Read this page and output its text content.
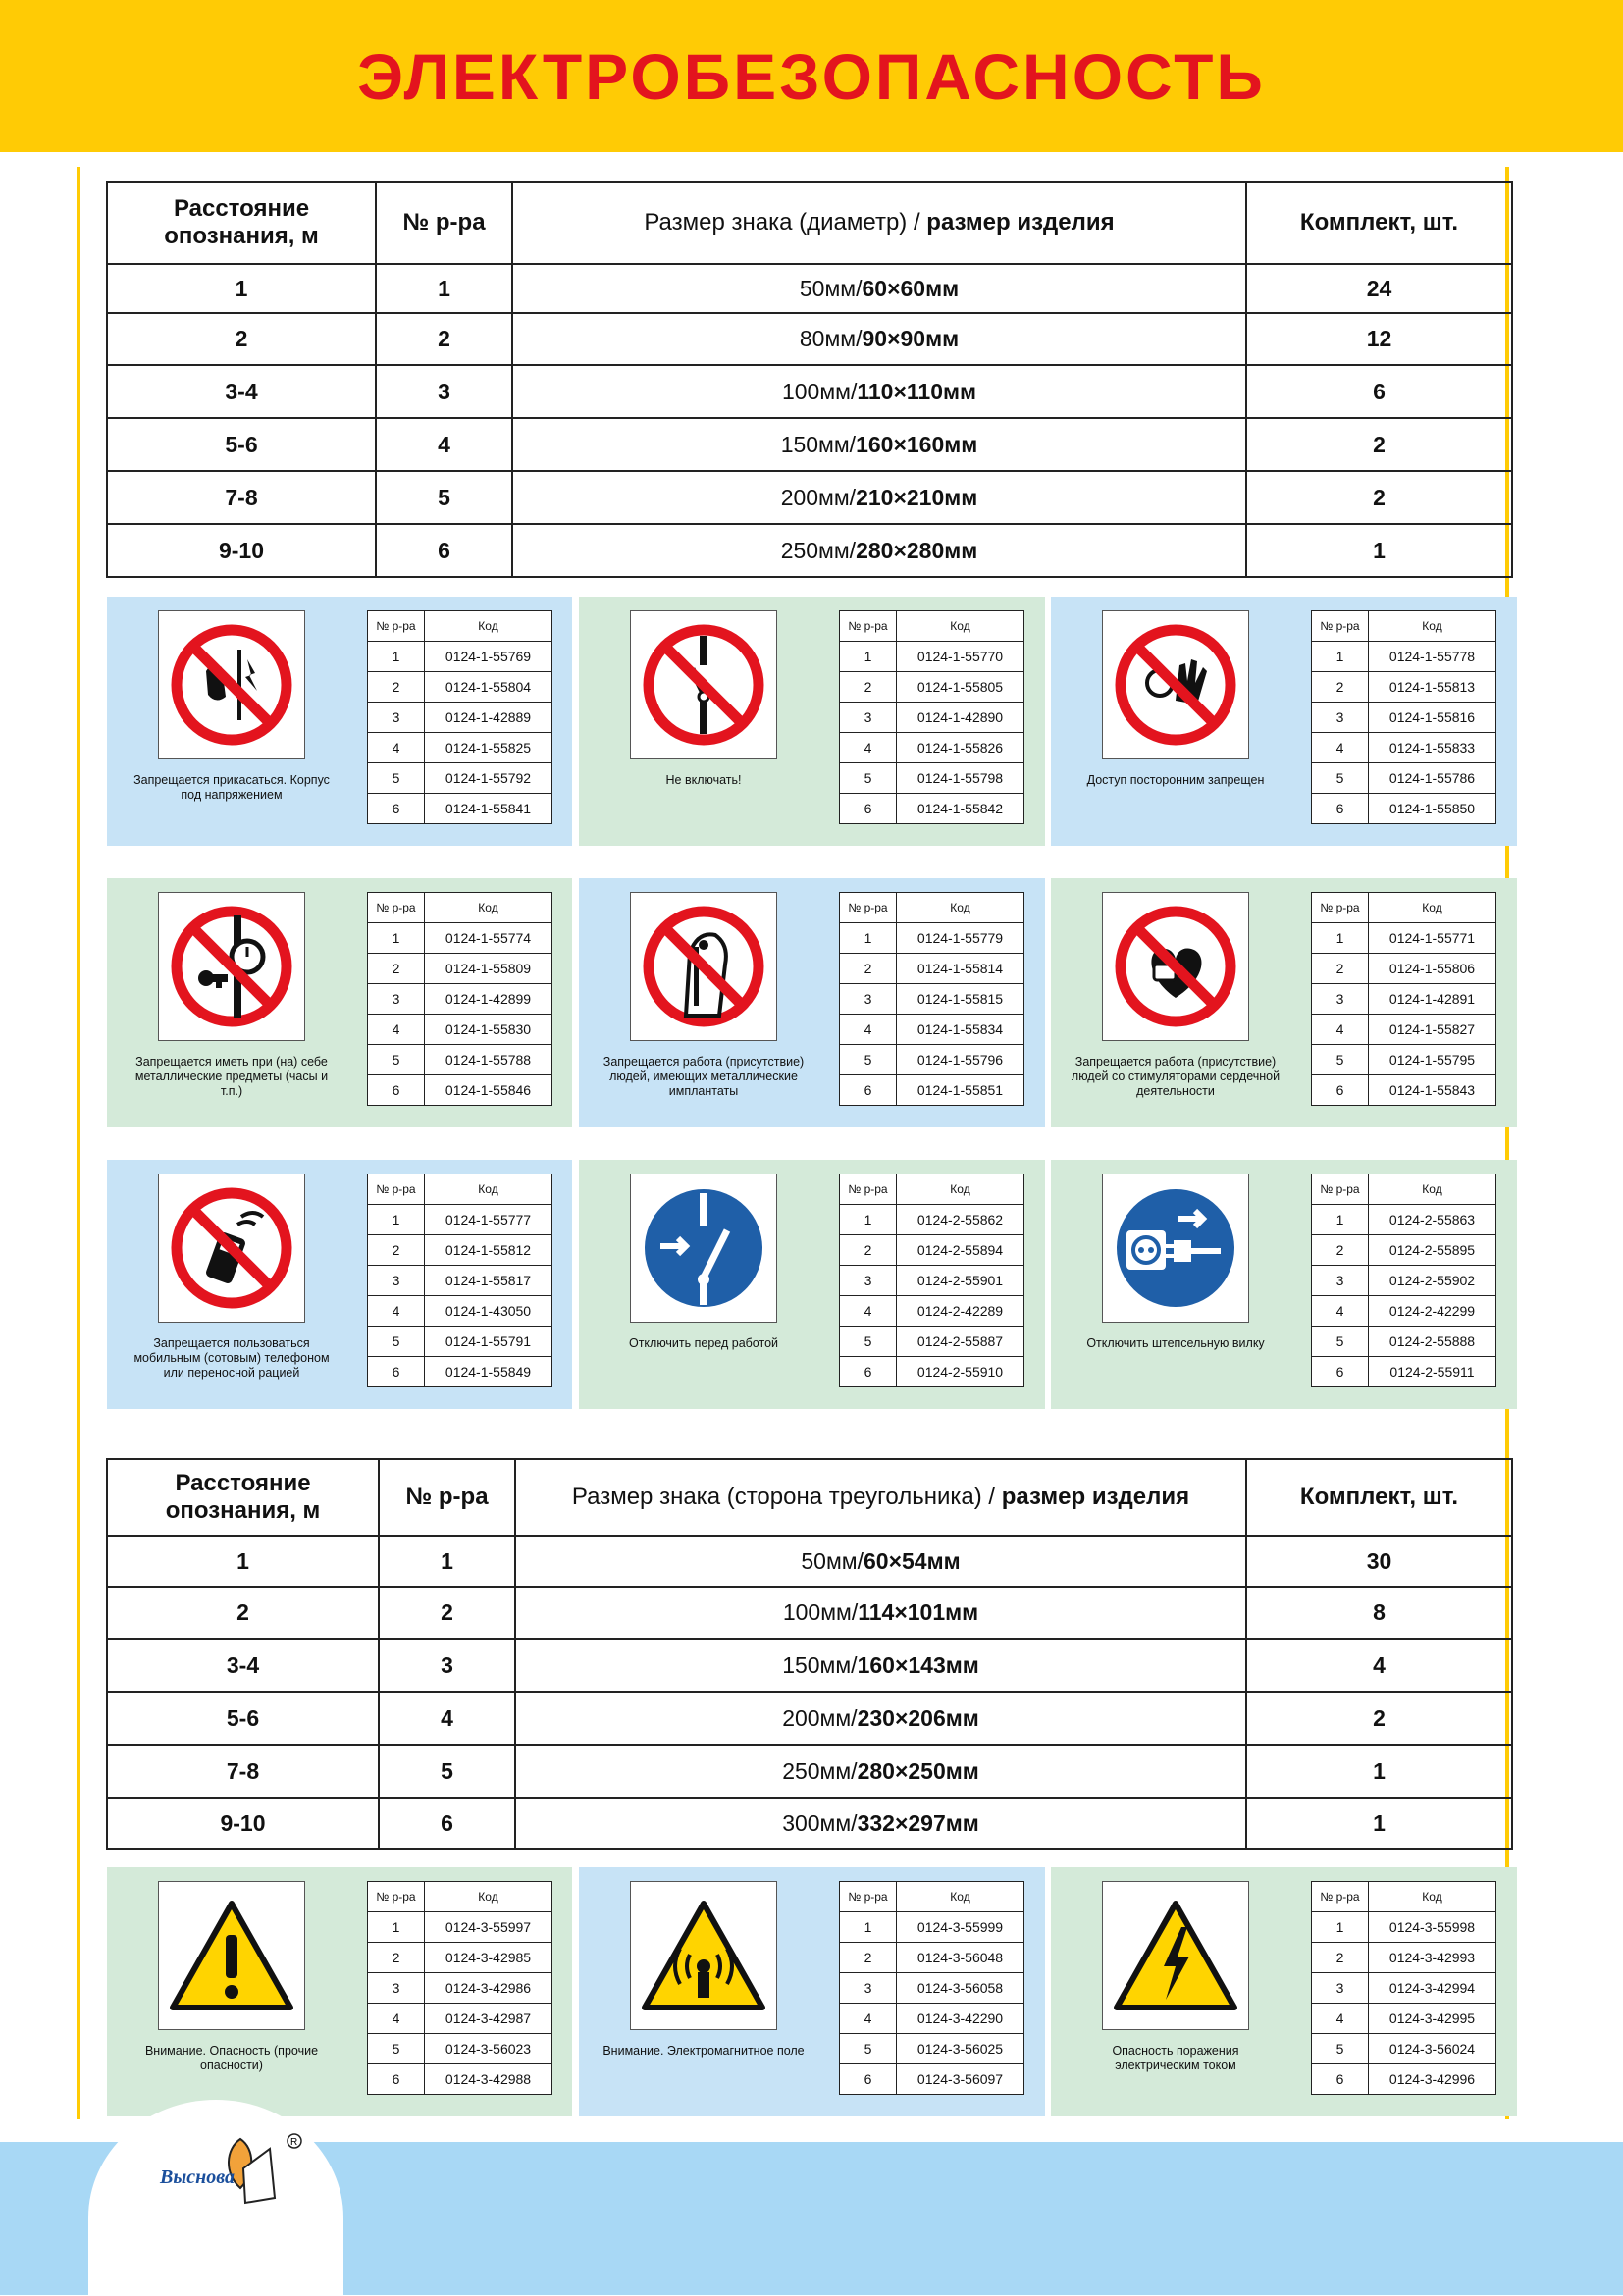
ЭЛЕКТРОБЕЗОПАСНОСТЬ
Расстояние опознания, м	№ р-ра	Размер знака (диаметр) / размер изделия	Комплект, шт.
1	1	50мм/60×60мм	24
2	2	80мм/90×90мм	12
3-4	3	100мм/110×110мм	6
5-6	4	150мм/160×160мм	2
7-8	5	200мм/210×210мм	2
9-10	6	250мм/280×280мм	1
Расстояние опознания, м	№ р-ра	Размер знака (сторона треугольника) / размер изделия	Комплект, шт.
1	1	50мм/60×54мм	30
2	2	100мм/114×101мм	8
3-4	3	150мм/160×143мм	4
5-6	4	200мм/230×206мм	2
7-8	5	250мм/280×250мм	1
9-10	6	300мм/332×297мм	1
Запрещается прикасаться. Корпус под напряжением
№ р-ра	Код
1	0124-1-55769
2	0124-1-55804
3	0124-1-42889
4	0124-1-55825
5	0124-1-55792
6	0124-1-55841
Не включать!
№ р-ра	Код
1	0124-1-55770
2	0124-1-55805
3	0124-1-42890
4	0124-1-55826
5	0124-1-55798
6	0124-1-55842
Доступ посторонним запрещен
№ р-ра	Код
1	0124-1-55778
2	0124-1-55813
3	0124-1-55816
4	0124-1-55833
5	0124-1-55786
6	0124-1-55850
Запрещается иметь при (на) себе металлические предметы (часы и т.п.)
№ р-ра	Код
1	0124-1-55774
2	0124-1-55809
3	0124-1-42899
4	0124-1-55830
5	0124-1-55788
6	0124-1-55846
Запрещается работа (присутствие) людей, имеющих металлические имплантаты
№ р-ра	Код
1	0124-1-55779
2	0124-1-55814
3	0124-1-55815
4	0124-1-55834
5	0124-1-55796
6	0124-1-55851
Запрещается работа (присутствие) людей со стимуляторами сердечной деятельности
№ р-ра	Код
1	0124-1-55771
2	0124-1-55806
3	0124-1-42891
4	0124-1-55827
5	0124-1-55795
6	0124-1-55843
Запрещается пользоваться мобильным (сотовым) телефоном или переносной рацией
№ р-ра	Код
1	0124-1-55777
2	0124-1-55812
3	0124-1-55817
4	0124-1-43050
5	0124-1-55791
6	0124-1-55849
Отключить перед работой
№ р-ра	Код
1	0124-2-55862
2	0124-2-55894
3	0124-2-55901
4	0124-2-42289
5	0124-2-55887
6	0124-2-55910
Отключить штепсельную вилку
№ р-ра	Код
1	0124-2-55863
2	0124-2-55895
3	0124-2-55902
4	0124-2-42299
5	0124-2-55888
6	0124-2-55911
Внимание. Опасность (прочие опасности)
№ р-ра	Код
1	0124-3-55997
2	0124-3-42985
3	0124-3-42986
4	0124-3-42987
5	0124-3-56023
6	0124-3-42988
Внимание. Электромагнитное поле
№ р-ра	Код
1	0124-3-55999
2	0124-3-56048
3	0124-3-56058
4	0124-3-42290
5	0124-3-56025
6	0124-3-56097
Опасность поражения электрическим током
№ р-ра	Код
1	0124-3-55998
2	0124-3-42993
3	0124-3-42994
4	0124-3-42995
5	0124-3-56024
6	0124-3-42996
R
Выснова
